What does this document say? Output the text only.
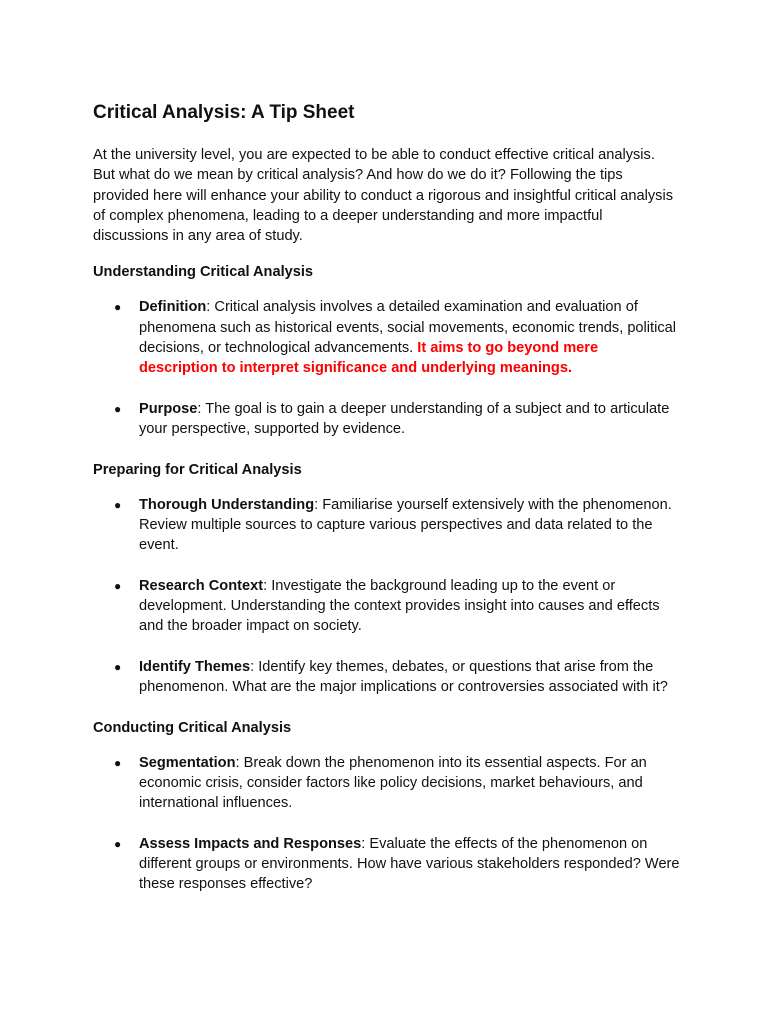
Critical Analysis: A Tip Sheet

At the university level, you are expected to be able to conduct effective critical analysis. But what do we mean by critical analysis? And how do we do it? Following the tips provided here will enhance your ability to conduct a rigorous and insightful critical analysis of complex phenomena, leading to a deeper understanding and more impactful discussions in any area of study.

Understanding Critical Analysis
● Definition: Critical analysis involves a detailed examination and evaluation of phenomena such as historical events, social movements, economic trends, political decisions, or technological advancements. It aims to go beyond mere description to interpret significance and underlying meanings.
● Purpose: The goal is to gain a deeper understanding of a subject and to articulate your perspective, supported by evidence.
Preparing for Critical Analysis
● Thorough Understanding: Familiarise yourself extensively with the phenomenon. Review multiple sources to capture various perspectives and data related to the event.
● Research Context: Investigate the background leading up to the event or development. Understanding the context provides insight into causes and effects and the broader impact on society.
● Identify Themes: Identify key themes, debates, or questions that arise from the phenomenon. What are the major implications or controversies associated with it?
Conducting Critical Analysis
● Segmentation: Break down the phenomenon into its essential aspects. For an economic crisis, consider factors like policy decisions, market behaviours, and international influences.
● Assess Impacts and Responses: Evaluate the effects of the phenomenon on different groups or environments. How have various stakeholders responded? Were these responses effective?
